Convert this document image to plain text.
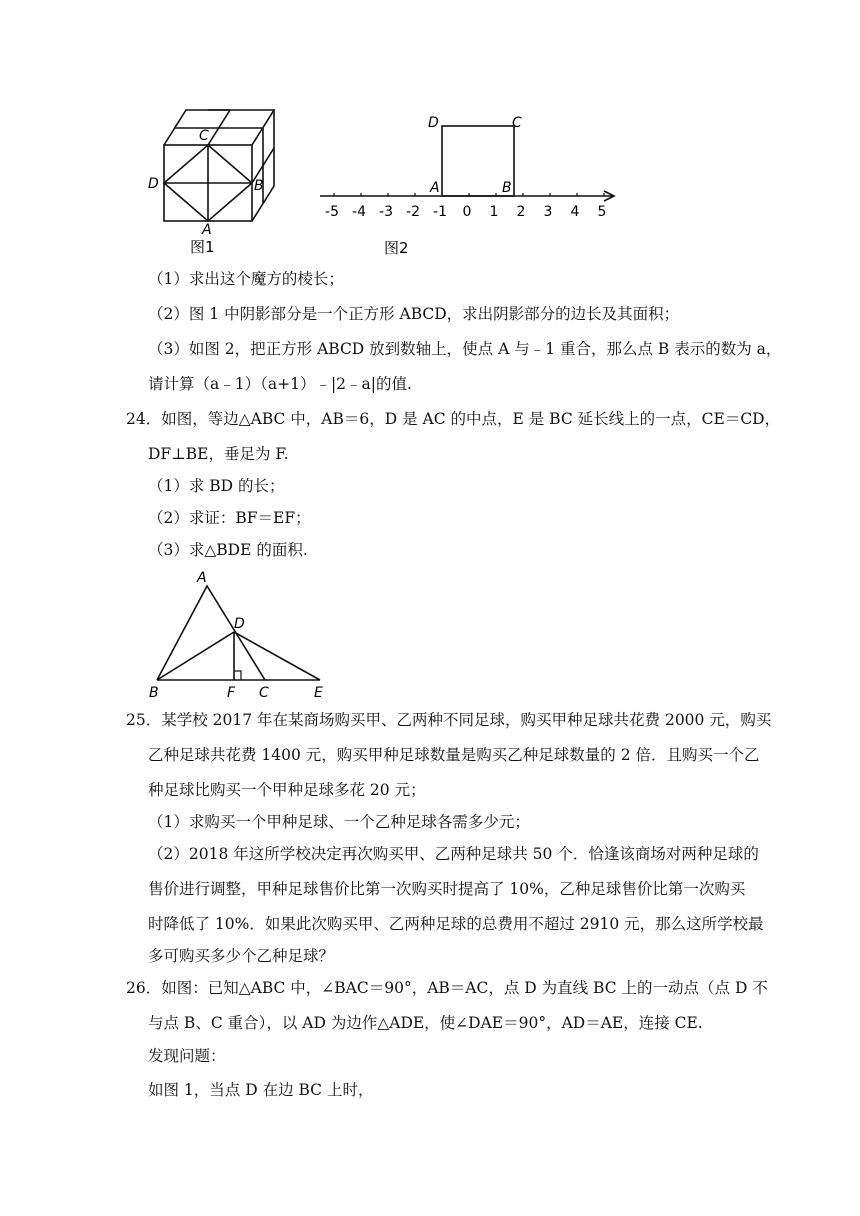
C
D	B
A
图1
-5 -4 -3 -2 -1 0 1 2 3 4 5
D	C
A	B
图2
A
D
B	F C	E
（1）求出这个魔方的棱长；
（2）图 1 中阴影部分是一个正方形 ABCD，求出阴影部分的边长及其面积；
（3）如图 2，把正方形 ABCD 放到数轴上，使点 A 与﹣1 重合，那么点 B 表示的数为 a，
请计算（a﹣1）（a+1）﹣|2﹣a|的值.
24．如图，等边△ABC 中，AB＝6，D 是 AC 的中点，E 是 BC 延长线上的一点，CE＝CD，
DF⊥BE，垂足为 F.
（1）求 BD 的长；
（2）求证：BF＝EF；
（3）求△BDE 的面积.
25．某学校 2017 年在某商场购买甲、乙两种不同足球，购买甲种足球共花费 2000 元，购买
乙种足球共花费 1400 元，购买甲种足球数量是购买乙种足球数量的 2 倍．且购买一个乙
种足球比购买一个甲种足球多花 20 元；
（1）求购买一个甲种足球、一个乙种足球各需多少元；
（2）2018 年这所学校决定再次购买甲、乙两种足球共 50 个．恰逢该商场对两种足球的
售价进行调整，甲种足球售价比第一次购买时提高了 10%，乙种足球售价比第一次购买
时降低了 10%．如果此次购买甲、乙两种足球的总费用不超过 2910 元，那么这所学校最
多可购买多少个乙种足球？
26．如图：已知△ABC 中，∠BAC＝90°，AB＝AC，点 D 为直线 BC 上的一动点（点 D 不
与点 B、C 重合），以 AD 为边作△ADE，使∠DAE＝90°，AD＝AE，连接 CE.
发现问题：
如图 1，当点 D 在边 BC 上时，
